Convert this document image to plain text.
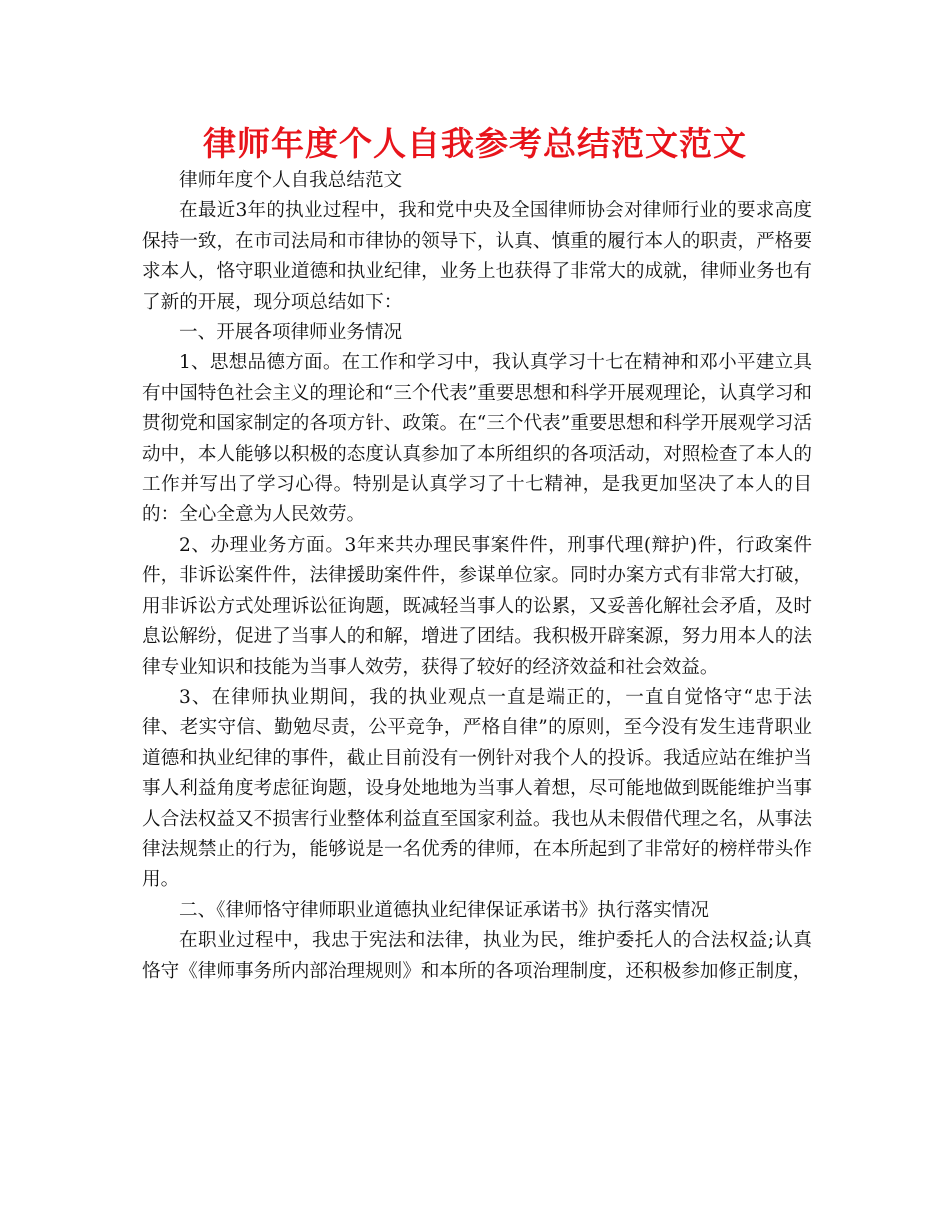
律师年度个人自我参考总结范文范文

律师年度个人自我总结范文

在最近3年的执业过程中，我和党中央及全国律师协会对律师行业的要求高度保持一致，在市司法局和市律协的领导下，认真、慎重的履行本人的职责，严格要求本人，恪守职业道德和执业纪律，业务上也获得了非常大的成就，律师业务也有了新的开展，现分项总结如下：

一、开展各项律师业务情况

1、思想品德方面。在工作和学习中，我认真学习十七在精神和邓小平建立具有中国特色社会主义的理论和“三个代表”重要思想和科学开展观理论，认真学习和贯彻党和国家制定的各项方针、政策。在“三个代表”重要思想和科学开展观学习活动中，本人能够以积极的态度认真参加了本所组织的各项活动，对照检查了本人的工作并写出了学习心得。特别是认真学习了十七精神，是我更加坚决了本人的目的：全心全意为人民效劳。

2、办理业务方面。3年来共办理民事案件件，刑事代理(辩护)件，行政案件件，非诉讼案件件，法律援助案件件，参谋单位家。同时办案方式有非常大打破，用非诉讼方式处理诉讼征询题，既减轻当事人的讼累，又妥善化解社会矛盾，及时息讼解纷，促进了当事人的和解，增进了团结。我积极开辟案源，努力用本人的法律专业知识和技能为当事人效劳，获得了较好的经济效益和社会效益。

3、在律师执业期间，我的执业观点一直是端正的，一直自觉恪守“忠于法律、老实守信、勤勉尽责，公平竞争，严格自律”的原则，至今没有发生违背职业道德和执业纪律的事件，截止目前没有一例针对我个人的投诉。我适应站在维护当事人利益角度考虑征询题，设身处地地为当事人着想，尽可能地做到既能维护当事人合法权益又不损害行业整体利益直至国家利益。我也从未假借代理之名，从事法律法规禁止的行为，能够说是一名优秀的律师，在本所起到了非常好的榜样带头作用。

二、《律师恪守律师职业道德执业纪律保证承诺书》执行落实情况

在职业过程中，我忠于宪法和法律，执业为民，维护委托人的合法权益;认真恪守《律师事务所内部治理规则》和本所的各项治理制度，还积极参加修正制度，
